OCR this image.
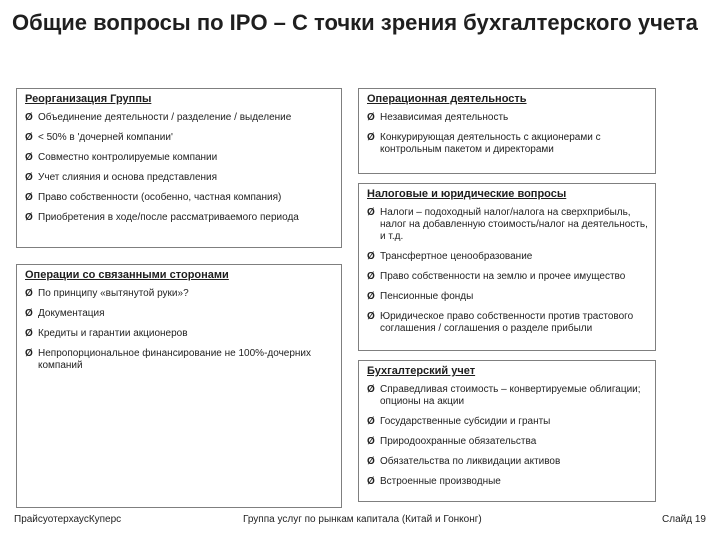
Общие вопросы по IPO – С точки зрения бухгалтерского учета
Реорганизация Группы
Ø Объединение деятельности / разделение / выделение
Ø < 50% в 'дочерней компании'
Ø Совместно контролируемые компании
Ø Учет слияния и основа представления
Ø Право собственности (особенно, частная компания)
Ø Приобретения в ходе/после рассматриваемого периода
Операции со связанными сторонами
Ø По принципу «вытянутой руки»?
Ø Документация
Ø Кредиты и гарантии акционеров
Ø Непропорциональное финансирование не 100%-дочерних компаний
Операционная деятельность
Ø Независимая деятельность
Ø Конкурирующая деятельность с акционерами с контрольным пакетом и директорами
Налоговые и юридические вопросы
Ø Налоги – подоходный налог/налога на сверхприбыль, налог на добавленную стоимость/налог на деятельность, и т.д.
Ø Трансфертное ценообразование
Ø Право собственности на землю и прочее имущество
Ø Пенсионные фонды
Ø Юридическое право собственности против трастового соглашения / соглашения о разделе прибыли
Бухгалтерский учет
Ø Справедливая стоимость – конвертируемые облигации; опционы на акции
Ø Государственные субсидии и гранты
Ø Природоохранные обязательства
Ø Обязательства по ликвидации активов
Ø Встроенные производные
ПрайсуотерхаусКуперс	Группа услуг по рынкам капитала (Китай и Гонконг)	Слайд 19
